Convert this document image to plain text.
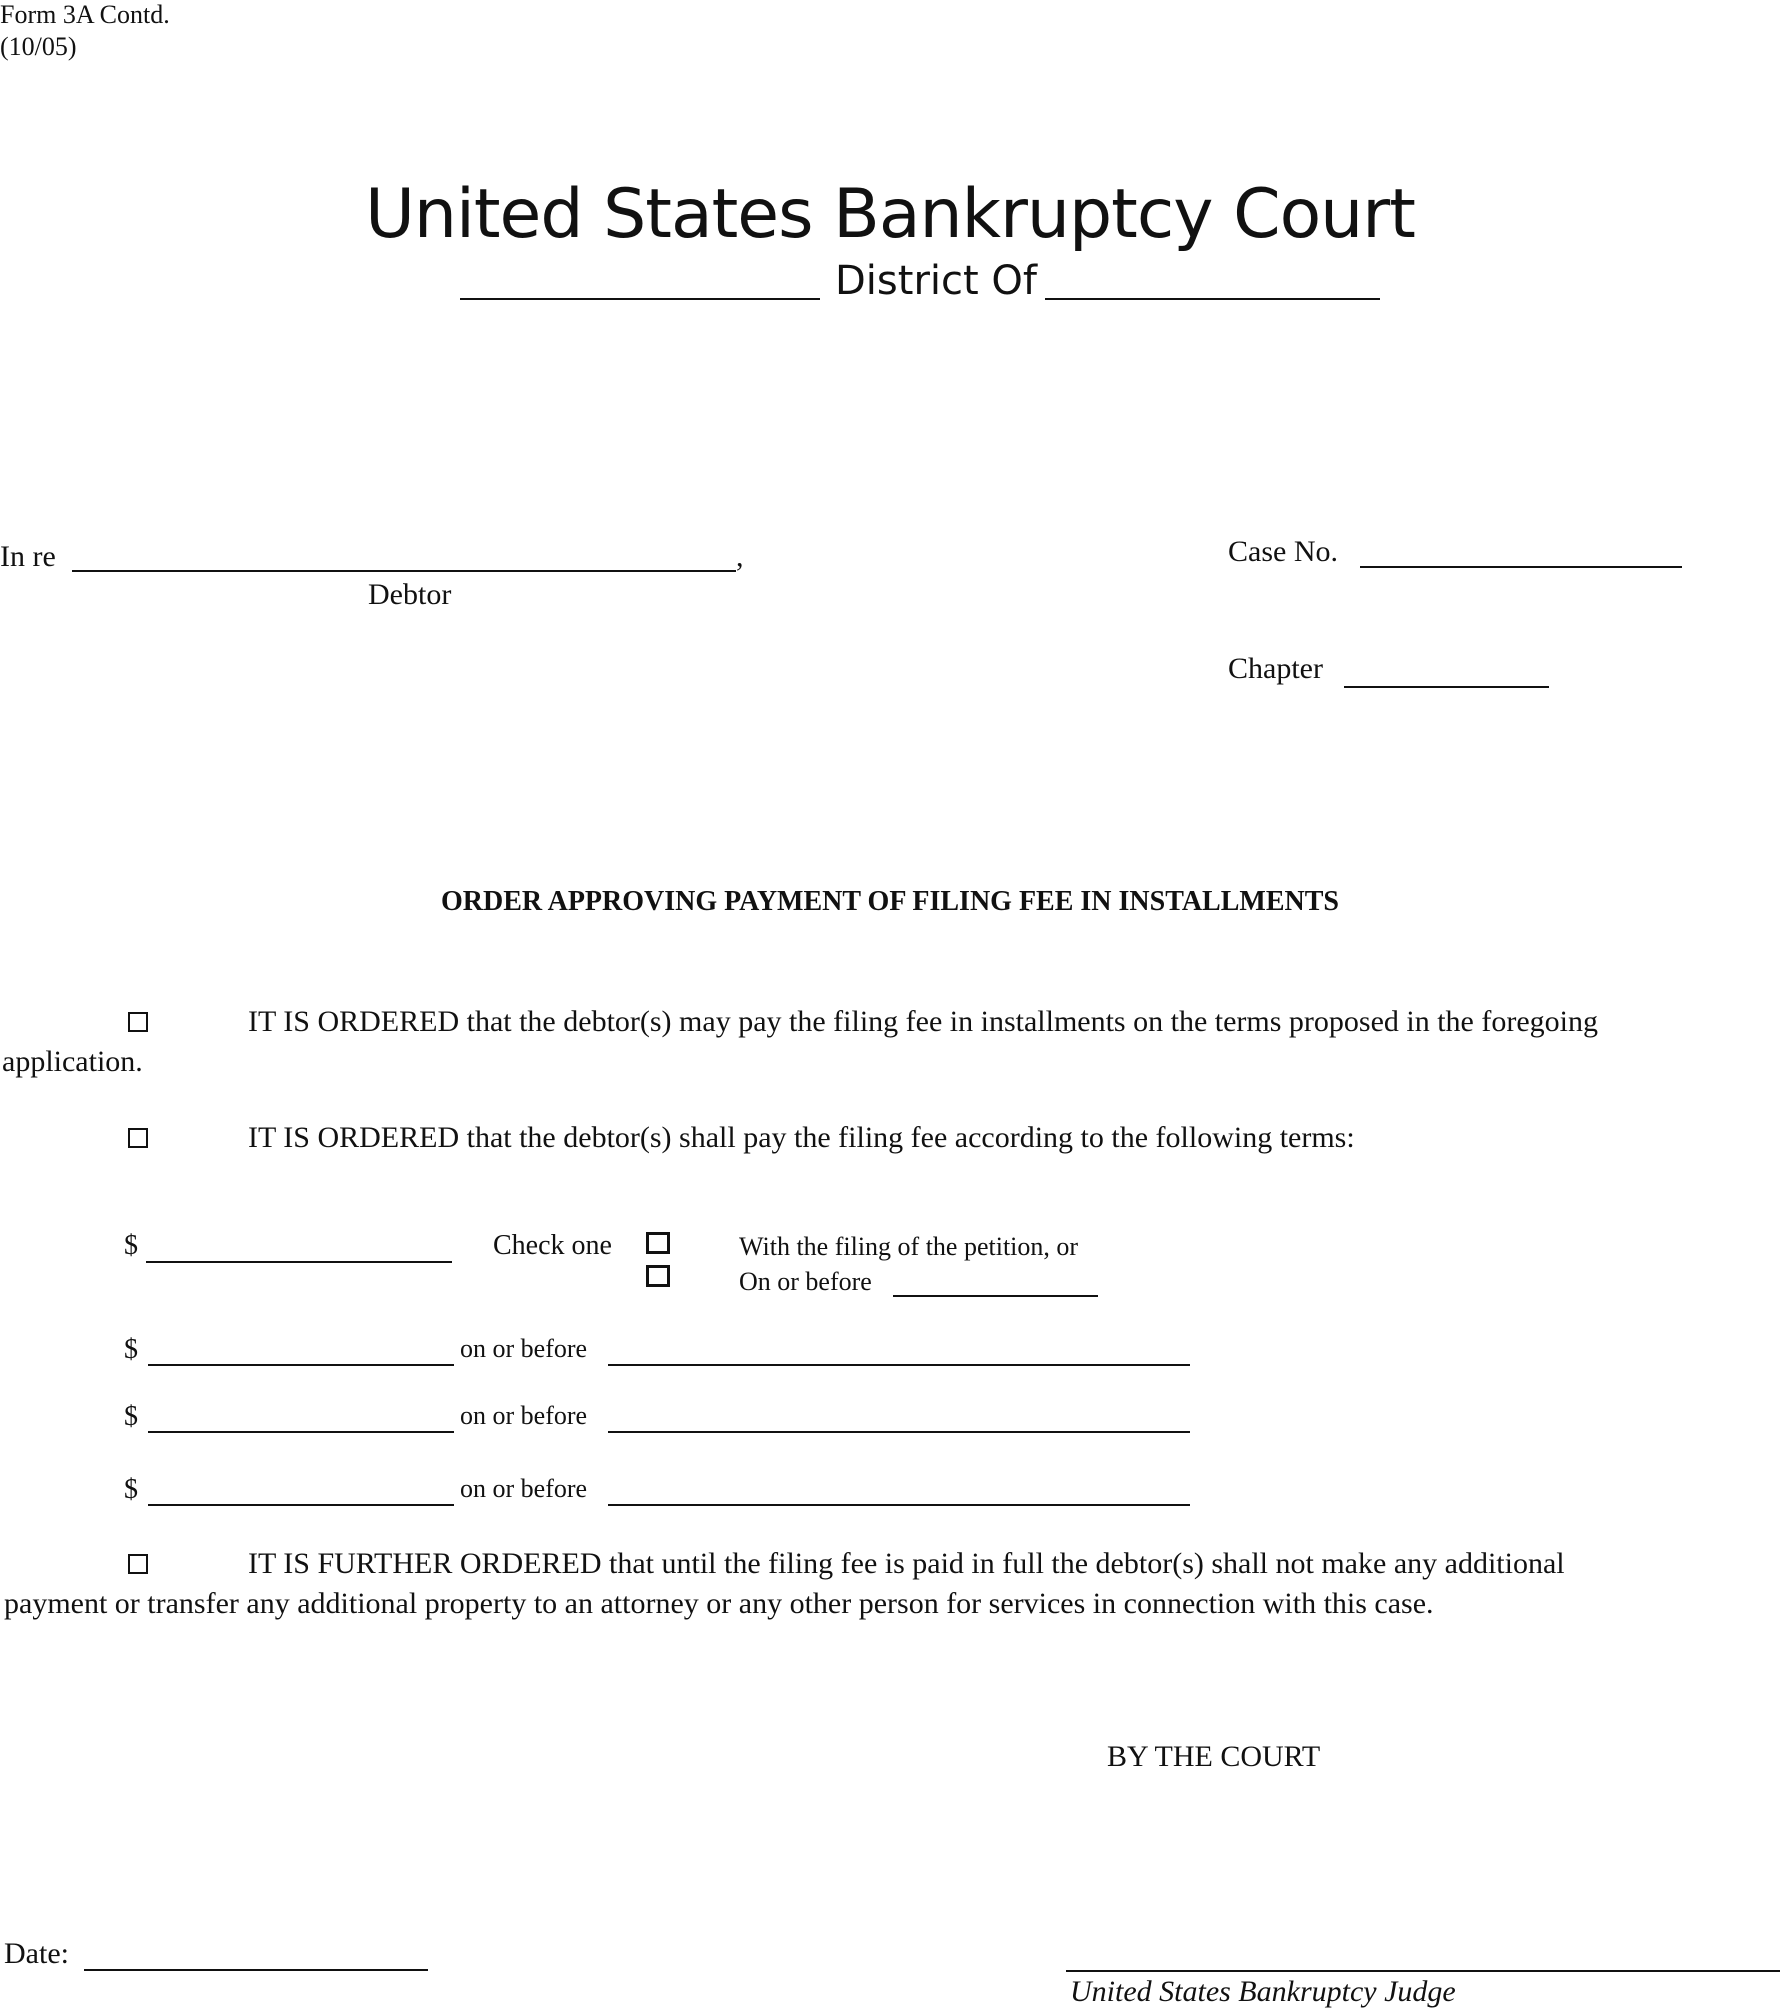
Form 3A Contd.
(10/05)
United States Bankruptcy Court
District Of
In re	,
Debtor
Case No.
Chapter
ORDER APPROVING PAYMENT OF FILING FEE IN INSTALLMENTS
IT IS ORDERED that the debtor(s) may pay the filing fee in installments on the terms proposed in the foregoing
application.
IT IS ORDERED that the debtor(s) shall pay the filing fee according to the following terms:
$	Check one	With the filing of the petition, or
On or before
$	on or before
$	on or before
$	on or before
IT IS FURTHER ORDERED that until the filing fee is paid in full the debtor(s) shall not make any additional
payment or transfer any additional property to an attorney or any other person for services in connection with this case.
BY THE COURT
Date:
United States Bankruptcy Judge
